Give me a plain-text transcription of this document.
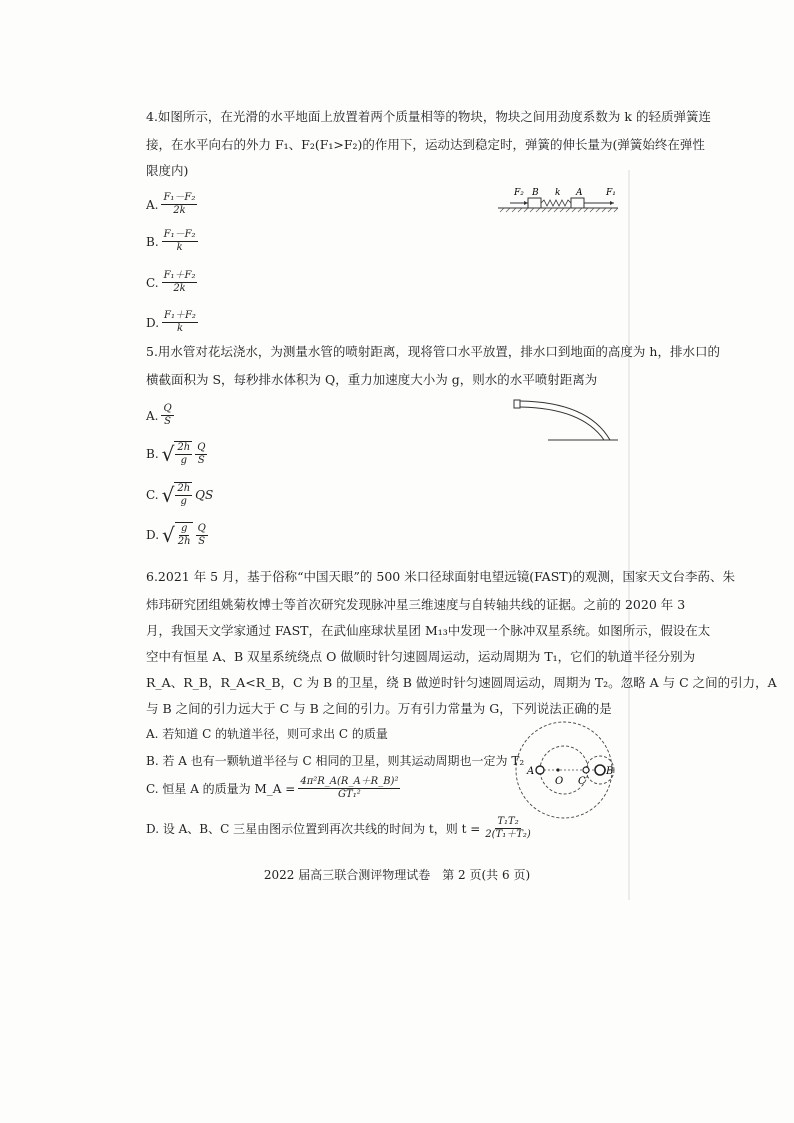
4.如图所示，在光滑的水平地面上放置着两个质量相等的物块，物块之间用劲度系数为 k 的轻质弹簧连
接，在水平向右的外力 F₁、F₂(F₁>F₂)的作用下，运动达到稳定时，弹簧的伸长量为(弹簧始终在弹性
限度内)
A. $\frac{\text{F₁－F₂}}{2k}$
B. $\frac{\text{F₁－F₂}}{k}$
C. $\frac{\text{F₁＋F₂}}{2k}$
D. $\frac{\text{F₁＋F₂}}{k}$
F₂ B k A	F₁
5.用水管对花坛浇水，为测量水管的喷射距离，现将管口水平放置，排水口到地面的高度为 h，排水口的
横截面积为 S，每秒排水体积为 Q，重力加速度大小为 g，则水的水平喷射距离为
A. $\frac{Q}{S}$
B. √ $\frac{2h}{g} \frac{Q}{S}$
C. √ $\frac{2h}{g}$ QS
D. √ $\frac{g}{2h} \frac{Q}{S}$
6.2021 年 5 月，基于俗称“中国天眼”的 500 米口径球面射电望远镜(FAST)的观测，国家天文台李菂、朱
炜玮研究团组姚菊枚博士等首次研究发现脉冲星三维速度与自转轴共线的证据。之前的 2020 年 3
月，我国天文学家通过 FAST，在武仙座球状星团 M₁₃中发现一个脉冲双星系统。如图所示，假设在太
空中有恒星 A、B 双星系统绕点 O 做顺时针匀速圆周运动，运动周期为 T₁，它们的轨道半径分别为
R_A、R_B，R_A<R_B，C 为 B 的卫星，绕 B 做逆时针匀速圆周运动，周期为 T₂。忽略 A 与 C 之间的引力，A
与 B 之间的引力远大于 C 与 B 之间的引力。万有引力常量为 G，下列说法正确的是
A. 若知道 C 的轨道半径，则可求出 C 的质量
B. 若 A 也有一颗轨道半径与 C 相同的卫星，则其运动周期也一定为 T₂
C. 恒星 A 的质量为 M_A = $\frac{\text{4π²R\_A(R\_A＋R\_B)²}}{\text{GT₁²}}$
D. 设 A、B、C 三星由图示位置到再次共线的时间为 t，则 $t = \frac{\text{T₁T₂}}{\text{2(T₁＋T₂)}}$
A
O C
B
2022 届高三联合测评物理试卷　第 2 页(共 6 页)
